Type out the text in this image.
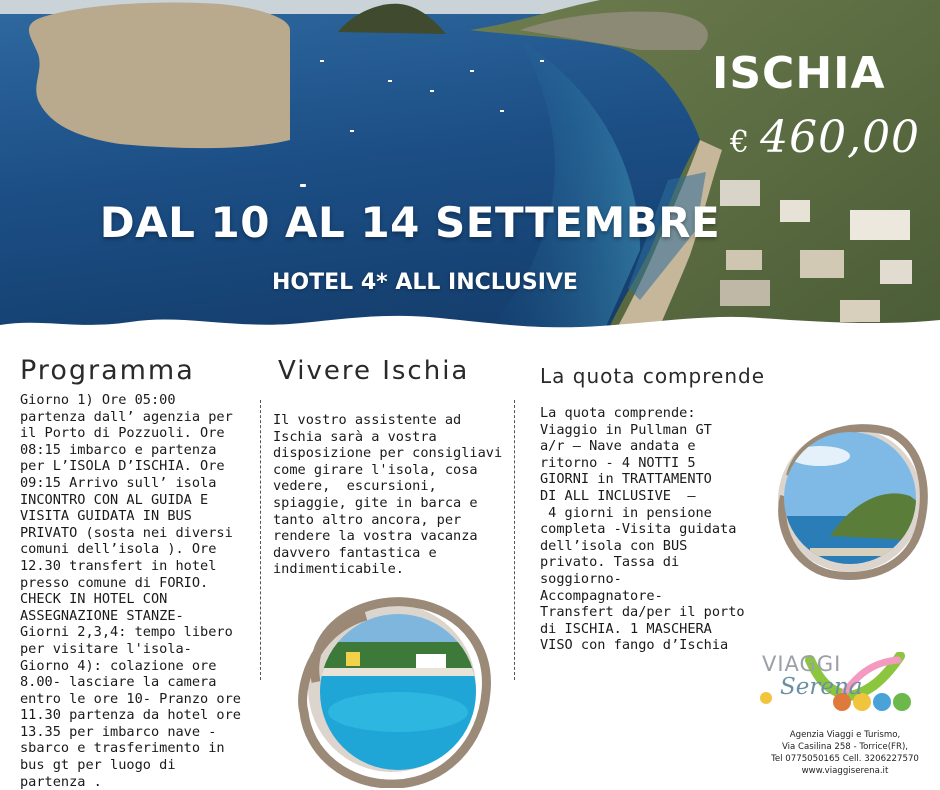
ISCHIA
€ 460,00
DAL 10 AL 14 SETTEMBRE
HOTEL 4* ALL INCLUSIVE
Programma
Giorno 1) Ore 05:00
partenza dall’ agenzia per
il Porto di Pozzuoli. Ore
08:15 imbarco e partenza
per L’ISOLA D’ISCHIA. Ore
09:15 Arrivo sull’ isola
INCONTRO CON AL GUIDA E
VISITA GUIDATA IN BUS
PRIVATO (sosta nei diversi
comuni dell’isola ). Ore
12.30 transfert in hotel
presso comune di FORIO.
CHECK IN HOTEL CON
ASSEGNAZIONE STANZE-
Giorni 2,3,4: tempo libero
per visitare l'isola-
Giorno 4): colazione ore
8.00- lasciare la camera
entro le ore 10- Pranzo ore
11.30 partenza da hotel ore
13.35 per imbarco nave -
sbarco e trasferimento in
bus gt per luogo di
partenza .
Vivere Ischia
Il vostro assistente ad
Ischia sarà a vostra
disposizione per consigliavi
come girare l'isola, cosa
vedere,  escursioni,
spiaggie, gite in barca e
tanto altro ancora, per
rendere la vostra vacanza
davvero fantastica e
indimenticabile.
La quota comprende
La quota comprende:
Viaggio in Pullman GT
a/r – Nave andata e
ritorno - 4 NOTTI 5
GIORNI in TRATTAMENTO
DI ALL INCLUSIVE  –
4 giorni in pensione
completa -Visita guidata
dell’isola con BUS
privato. Tassa di
soggiorno-
Accompagnatore-
Transfert da/per il porto
di ISCHIA. 1 MASCHERA
VISO con fango d’Ischia
VIAGGI
Serena
Agenzia Viaggi e Turismo,
Via Casilina 258 - Torrice(FR),
Tel 0775050165 Cell. 3206227570
www.viaggiserena.it
